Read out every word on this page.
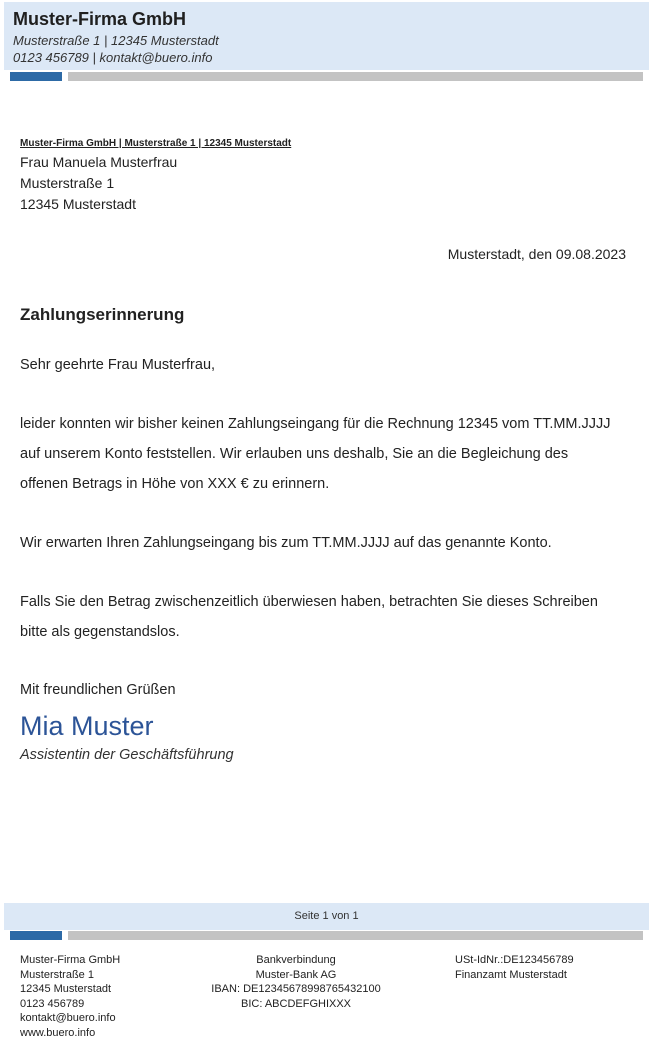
Muster-Firma GmbH
Musterstraße 1 | 12345 Musterstadt
0123 456789 | kontakt@buero.info
Muster-Firma GmbH | Musterstraße 1 | 12345 Musterstadt
Frau Manuela Musterfrau
Musterstraße 1
12345 Musterstadt
Musterstadt, den 09.08.2023
Zahlungserinnerung
Sehr geehrte Frau Musterfrau,
leider konnten wir bisher keinen Zahlungseingang für die Rechnung 12345 vom TT.MM.JJJJ
auf unserem Konto feststellen. Wir erlauben uns deshalb, Sie an die Begleichung des
offenen Betrags in Höhe von XXX € zu erinnern.
Wir erwarten Ihren Zahlungseingang bis zum TT.MM.JJJJ auf das genannte Konto.
Falls Sie den Betrag zwischenzeitlich überwiesen haben, betrachten Sie dieses Schreiben
bitte als gegenstandslos.
Mit freundlichen Grüßen
Mia Muster
Assistentin der Geschäftsführung
Seite 1 von 1
Muster-Firma GmbH
Musterstraße 1
12345 Musterstadt
0123 456789
kontakt@buero.info
www.buero.info
Bankverbindung
Muster-Bank AG
IBAN: DE12345678998765432100
BIC: ABCDEFGHIXXX
USt-IdNr.:DE123456789
Finanzamt Musterstadt
